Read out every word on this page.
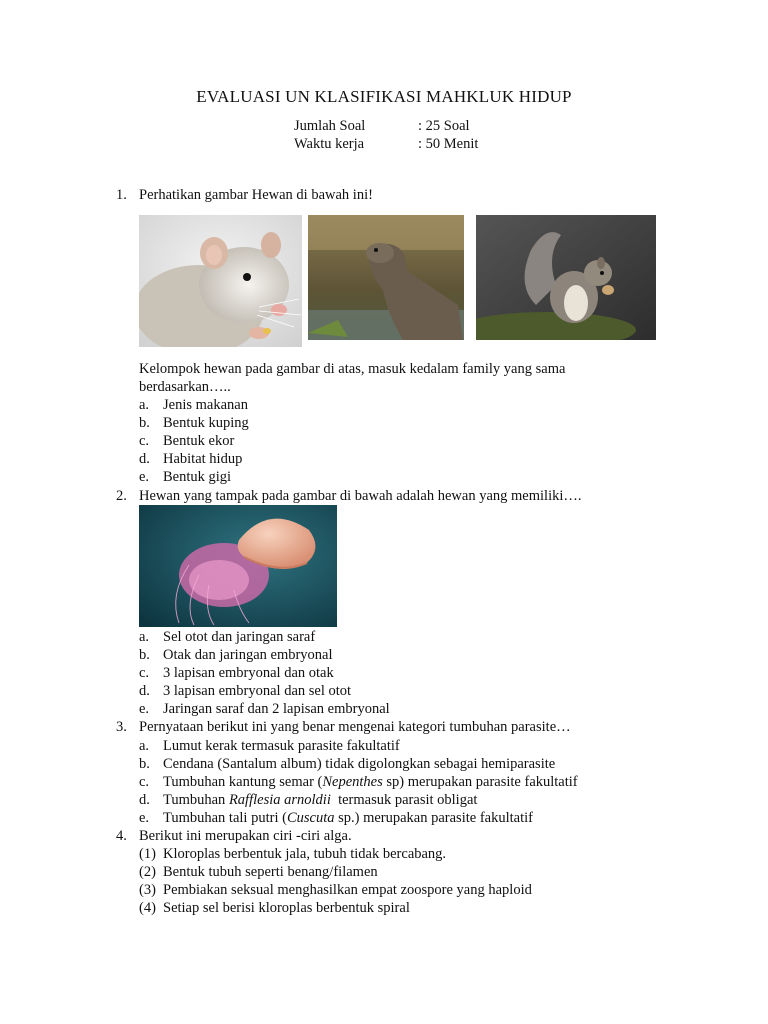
EVALUASI UN KLASIFIKASI MAHKLUK HIDUP
Jumlah Soal	: 25 Soal
Waktu kerja	: 50 Menit
1. Perhatikan gambar Hewan di bawah ini!
Kelompok hewan pada gambar di atas, masuk kedalam family yang sama
berdasarkan…..
a. Jenis makanan
b. Bentuk kuping
c. Bentuk ekor
d. Habitat hidup
e. Bentuk gigi
2. Hewan yang tampak pada gambar di bawah adalah hewan yang memiliki….
a. Sel otot dan jaringan saraf
b. Otak dan jaringan embryonal
c. 3 lapisan embryonal dan otak
d. 3 lapisan embryonal dan sel otot
e. Jaringan saraf dan 2 lapisan embryonal
3. Pernyataan berikut ini yang benar mengenai kategori tumbuhan parasite…
a. Lumut kerak termasuk parasite fakultatif
b. Cendana (Santalum album) tidak digolongkan sebagai hemiparasite
c. Tumbuhan kantung semar (Nepenthes sp) merupakan parasite fakultatif
d. Tumbuhan Rafflesia arnoldii  termasuk parasit obligat
e. Tumbuhan tali putri (Cuscuta sp.) merupakan parasite fakultatif
4. Berikut ini merupakan ciri -ciri alga.
(1) Kloroplas berbentuk jala, tubuh tidak bercabang.
(2) Bentuk tubuh seperti benang/filamen
(3) Pembiakan seksual menghasilkan empat zoospore yang haploid
(4) Setiap sel berisi kloroplas berbentuk spiral
